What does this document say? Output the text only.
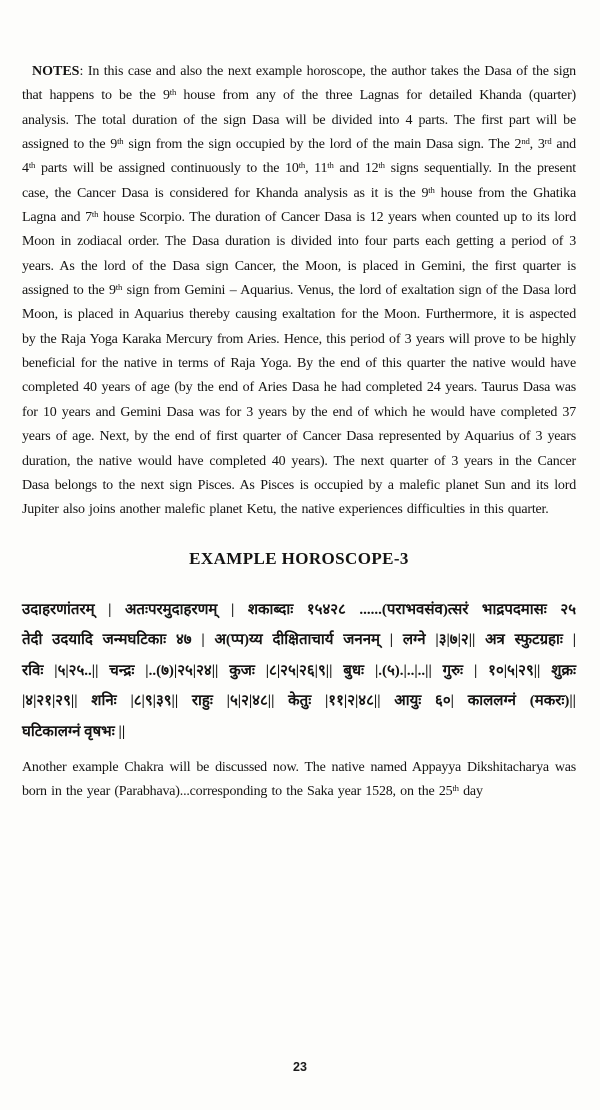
NOTES: In this case and also the next example horoscope, the author takes the Dasa of the sign that happens to be the 9th house from any of the three Lagnas for detailed Khanda (quarter) analysis. The total duration of the sign Dasa will be divided into 4 parts. The first part will be assigned to the 9th sign from the sign occupied by the lord of the main Dasa sign. The 2nd, 3rd and 4th parts will be assigned continuously to the 10th, 11th and 12th signs sequentially. In the present case, the Cancer Dasa is considered for Khanda analysis as it is the 9th house from the Ghatika Lagna and 7th house Scorpio. The duration of Cancer Dasa is 12 years when counted up to its lord Moon in zodiacal order. The Dasa duration is divided into four parts each getting a period of 3 years. As the lord of the Dasa sign Cancer, the Moon, is placed in Gemini, the first quarter is assigned to the 9th sign from Gemini – Aquarius. Venus, the lord of exaltation sign of the Dasa lord Moon, is placed in Aquarius thereby causing exaltation for the Moon. Furthermore, it is aspected by the Raja Yoga Karaka Mercury from Aries. Hence, this period of 3 years will prove to be highly beneficial for the native in terms of Raja Yoga. By the end of this quarter the native would have completed 40 years of age (by the end of Aries Dasa he had completed 24 years. Taurus Dasa was for 10 years and Gemini Dasa was for 3 years by the end of which he would have completed 37 years of age. Next, by the end of first quarter of Cancer Dasa represented by Aquarius of 3 years duration, the native would have completed 40 years). The next quarter of 3 years in the Cancer Dasa belongs to the next sign Pisces. As Pisces is occupied by a malefic planet Sun and its lord Jupiter also joins another malefic planet Ketu, the native experiences difficulties in this quarter.
EXAMPLE HOROSCOPE-3
उदाहरणांतरम् | अतःपरमुदाहरणम् | शकाब्दाः १५४२८ ......(पराभवसंव)त्सरं भाद्रपदमासः २५
तेदी उदयादि जन्मघटिकाः ४७ | अ(प्प)य्य दीक्षिताचार्य जननम् | लग्ने |३|७|२|| अत्र स्फुटग्रहाः |
रविः |५|२५..|| चन्द्रः |..(७)|२५|२४|| कुजः |८|२५|२६|९|| बुधः |.(५).|..|..|| गुरुः | १०|५|२९|| शुक्रः
|४|२१|२९|| शनिः |८|९|३९|| राहुः |५|२|४८|| केतुः |११|२|४८|| आयुः ६०| काललग्नं (मकरः)||
घटिकालग्नं वृषभः ||
Another example Chakra will be discussed now. The native named Appayya Dikshitacharya was born in the year (Parabhava)...corresponding to the Saka year 1528, on the 25th day
23
